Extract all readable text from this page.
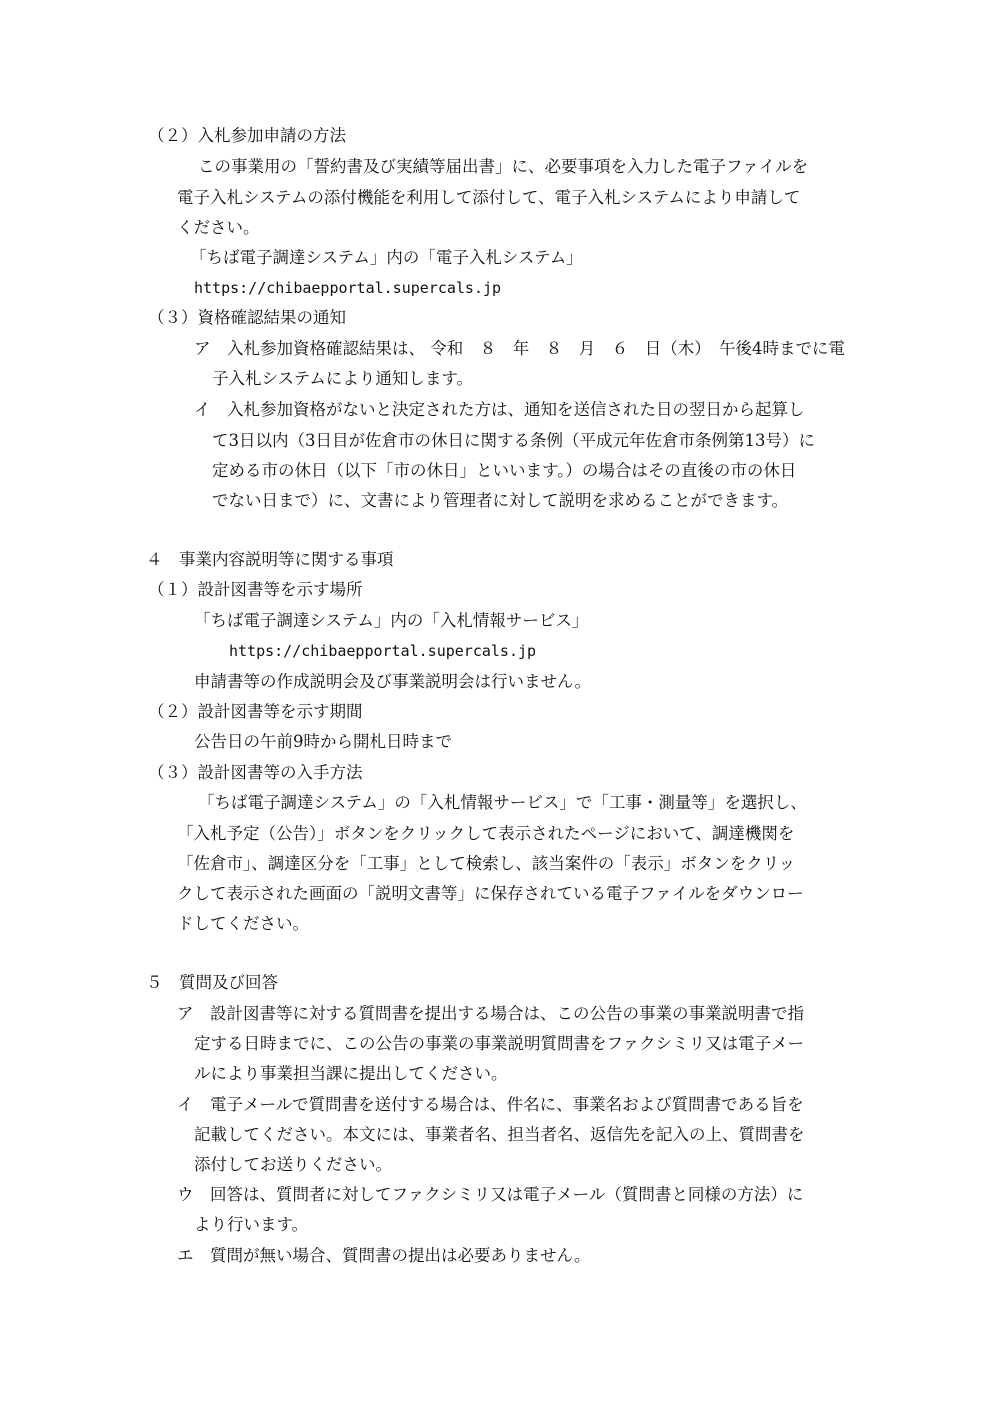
（２）入札参加申請の方法
この事業用の「誓約書及び実績等届出書」に、必要事項を入力した電子ファイルを
電子入札システムの添付機能を利用して添付して、電子入札システムにより申請して
ください。
「ちば電子調達システム」内の「電子入札システム」
https://chibaepportal.supercals.jp
（３）資格確認結果の通知
ア　入札参加資格確認結果は、 令和　８　年　８　月　６　日（木）　午後4時までに電
子入札システムにより通知します。
イ　入札参加資格がないと決定された方は、通知を送信された日の翌日から起算し
て3日以内（3日目が佐倉市の休日に関する条例（平成元年佐倉市条例第13号）に
定める市の休日（以下「市の休日」といいます。）の場合はその直後の市の休日
でない日まで）に、文書により管理者に対して説明を求めることができます。
４　事業内容説明等に関する事項
（１）設計図書等を示す場所
「ちば電子調達システム」内の「入札情報サービス」
https://chibaepportal.supercals.jp
申請書等の作成説明会及び事業説明会は行いません。
（２）設計図書等を示す期間
公告日の午前9時から開札日時まで
（３）設計図書等の入手方法
「ちば電子調達システム」の「入札情報サービス」で「工事・測量等」を選択し、
「入札予定（公告）」ボタンをクリックして表示されたページにおいて、調達機関を
「佐倉市」、調達区分を「工事」として検索し、該当案件の「表示」ボタンをクリッ
クして表示された画面の「説明文書等」に保存されている電子ファイルをダウンロー
ドしてください。
５　質問及び回答
ア　設計図書等に対する質問書を提出する場合は、この公告の事業の事業説明書で指
定する日時までに、この公告の事業の事業説明質問書をファクシミリ又は電子メー
ルにより事業担当課に提出してください。
イ　電子メールで質問書を送付する場合は、件名に、事業名および質問書である旨を
記載してください。本文には、事業者名、担当者名、返信先を記入の上、質問書を
添付してお送りください。
ウ　回答は、質問者に対してファクシミリ又は電子メール（質問書と同様の方法）に
より行います。
エ　質問が無い場合、質問書の提出は必要ありません。
